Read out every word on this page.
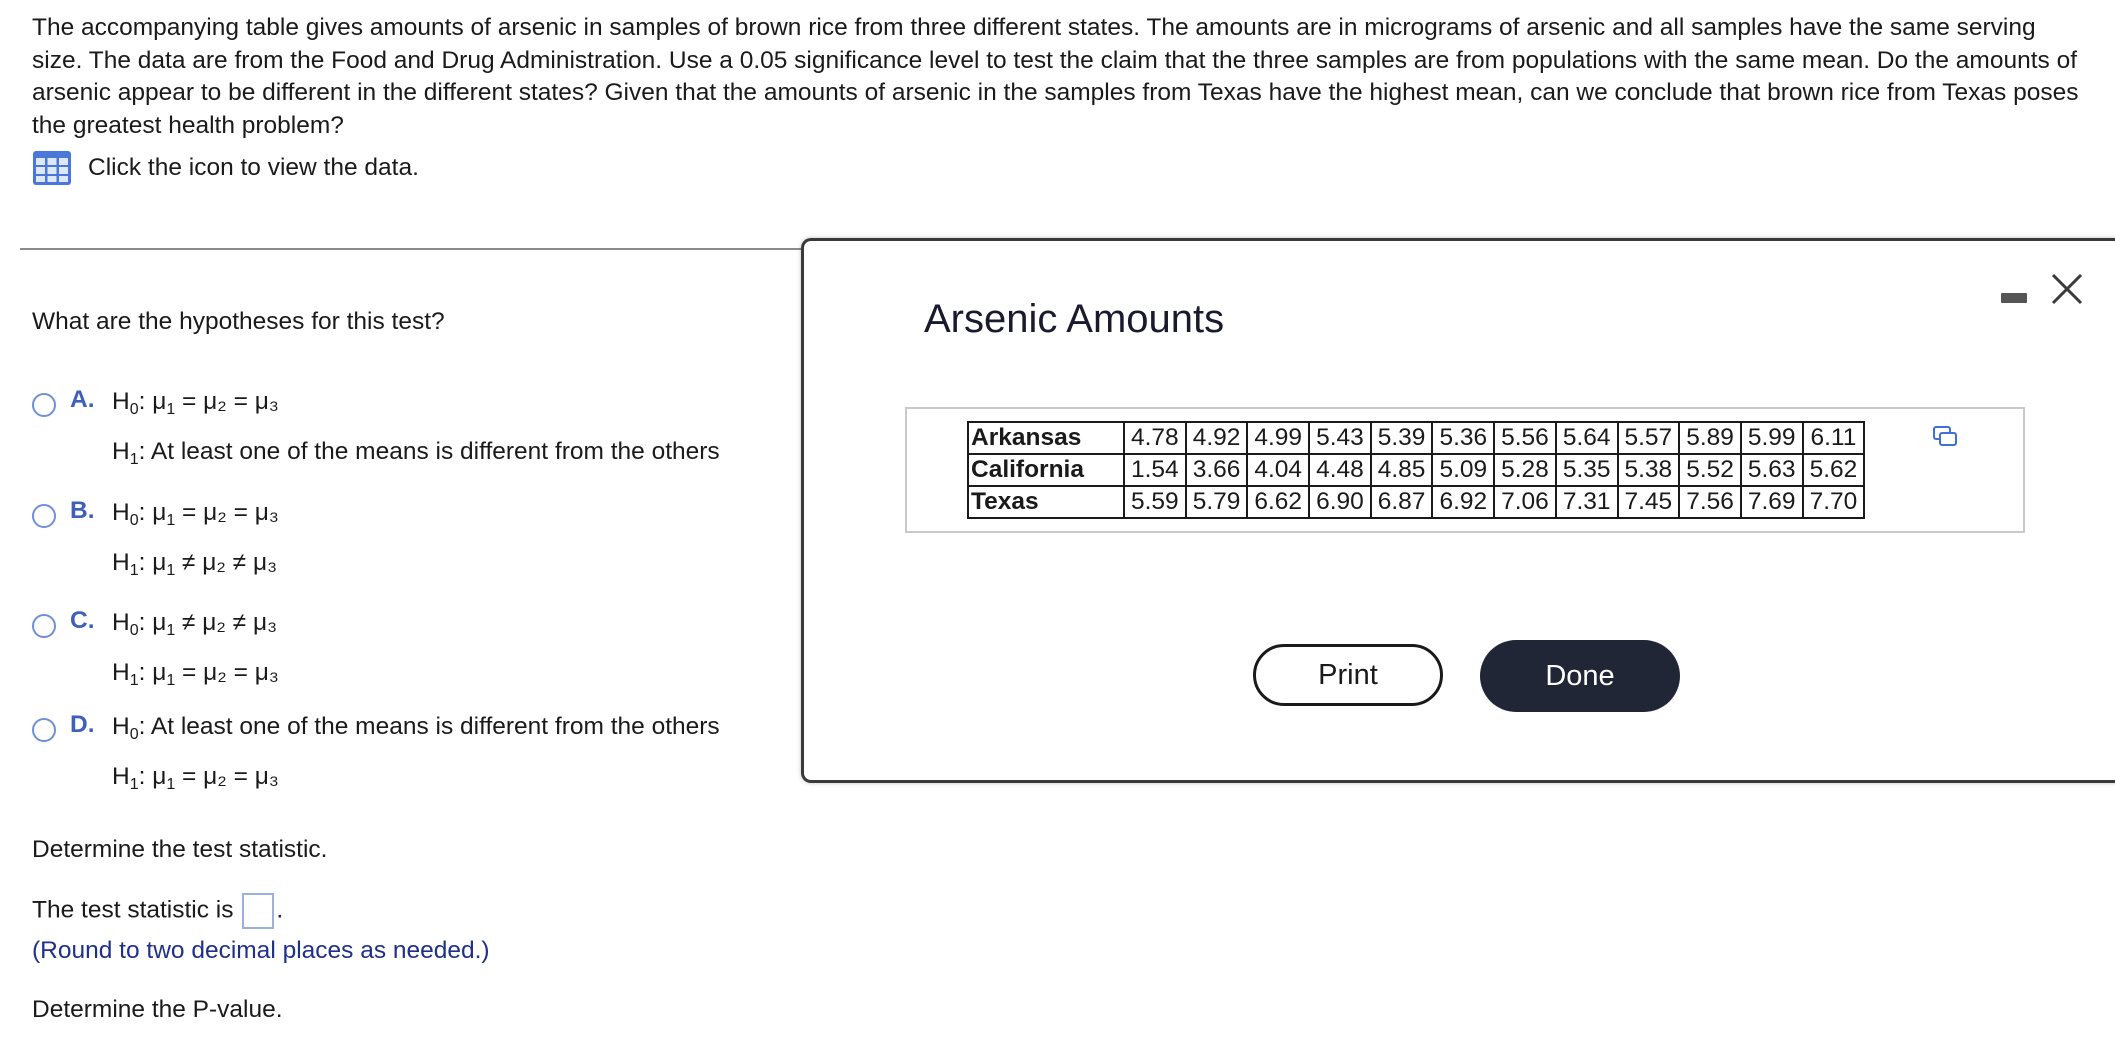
The accompanying table gives amounts of arsenic in samples of brown rice from three different states. The amounts are in micrograms of arsenic and all samples have the same serving size. The data are from the Food and Drug Administration. Use a 0.05 significance level to test the claim that the three samples are from populations with the same mean. Do the amounts of arsenic appear to be different in the different states? Given that the amounts of arsenic in the samples from Texas have the highest mean, can we conclude that brown rice from Texas poses the greatest health problem?
Click the icon to view the data.
What are the hypotheses for this test?
A. $H_0$: $\mu_1 = \mu_2 = \mu_3$
$H_1$: At least one of the means is different from the others
B. $H_0$: $\mu_1 = \mu_2 = \mu_3$
$H_1$: $\mu_1 \ne \mu_2 \ne \mu_3$
C. $H_0$: $\mu_1 \ne \mu_2 \ne \mu_3$
$H_1$: $\mu_1 = \mu_2 = \mu_3$
D. $H_0$: At least one of the means is different from the others
$H_1$: $\mu_1 = \mu_2 = \mu_3$
Determine the test statistic.
The test statistic is .
(Round to two decimal places as needed.)
Determine the P-value.
Arsenic Amounts
Arkansas	4.78	4.92	4.99	5.43	5.39	5.36	5.56	5.64	5.57	5.89	5.99	6.11
California	1.54	3.66	4.04	4.48	4.85	5.09	5.28	5.35	5.38	5.52	5.63	5.62
Texas	5.59	5.79	6.62	6.90	6.87	6.92	7.06	7.31	7.45	7.56	7.69	7.70
Print	Done
